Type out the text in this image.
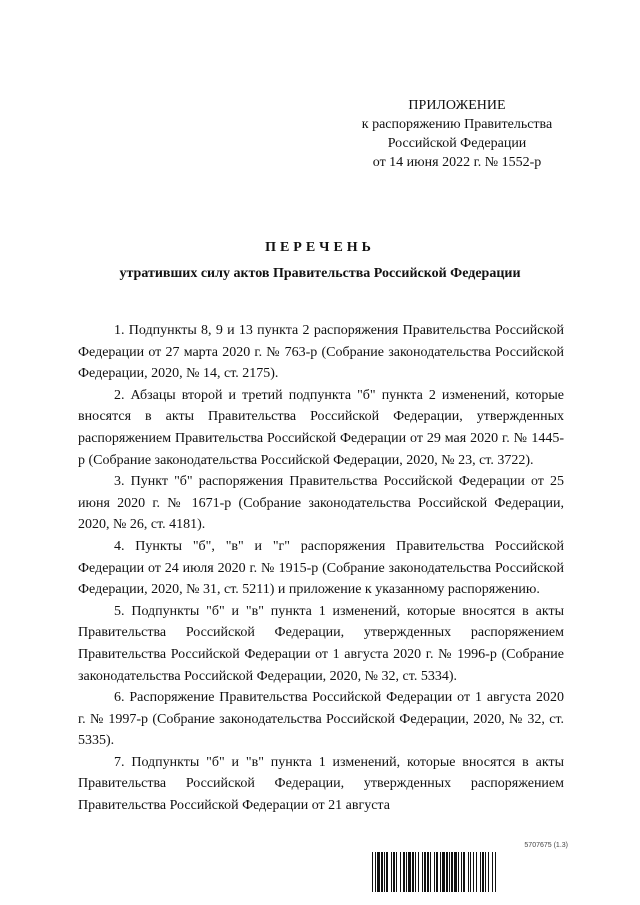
ПРИЛОЖЕНИЕ
к распоряжению Правительства
Российской Федерации
от 14 июня 2022 г. № 1552-р
ПЕРЕЧЕНЬ
утративших силу актов Правительства Российской Федерации

1. Подпункты 8, 9 и 13 пункта 2 распоряжения Правительства Российской Федерации от 27 марта 2020 г. № 763-р (Собрание законодательства Российской Федерации, 2020, № 14, ст. 2175).

2. Абзацы второй и третий подпункта "б" пункта 2 изменений, которые вносятся в акты Правительства Российской Федерации, утвержденных распоряжением Правительства Российской Федерации от 29 мая 2020 г. № 1445-р (Собрание законодательства Российской Федерации, 2020, № 23, ст. 3722).

3. Пункт "б" распоряжения Правительства Российской Федерации от 25 июня 2020 г. № 1671-р (Собрание законодательства Российской Федерации, 2020, № 26, ст. 4181).

4. Пункты "б", "в" и "г" распоряжения Правительства Российской Федерации от 24 июля 2020 г. № 1915-р (Собрание законодательства Российской Федерации, 2020, № 31, ст. 5211) и приложение к указанному распоряжению.

5. Подпункты "б" и "в" пункта 1 изменений, которые вносятся в акты Правительства Российской Федерации, утвержденных распоряжением Правительства Российской Федерации от 1 августа 2020 г. № 1996-р (Собрание законодательства Российской Федерации, 2020, № 32, ст. 5334).

6. Распоряжение Правительства Российской Федерации от 1 августа 2020 г. № 1997-р (Собрание законодательства Российской Федерации, 2020, № 32, ст. 5335).

7. Подпункты "б" и "в" пункта 1 изменений, которые вносятся в акты Правительства Российской Федерации, утвержденных распоряжением Правительства Российской Федерации от 21 августа

5707675 (1.3)
